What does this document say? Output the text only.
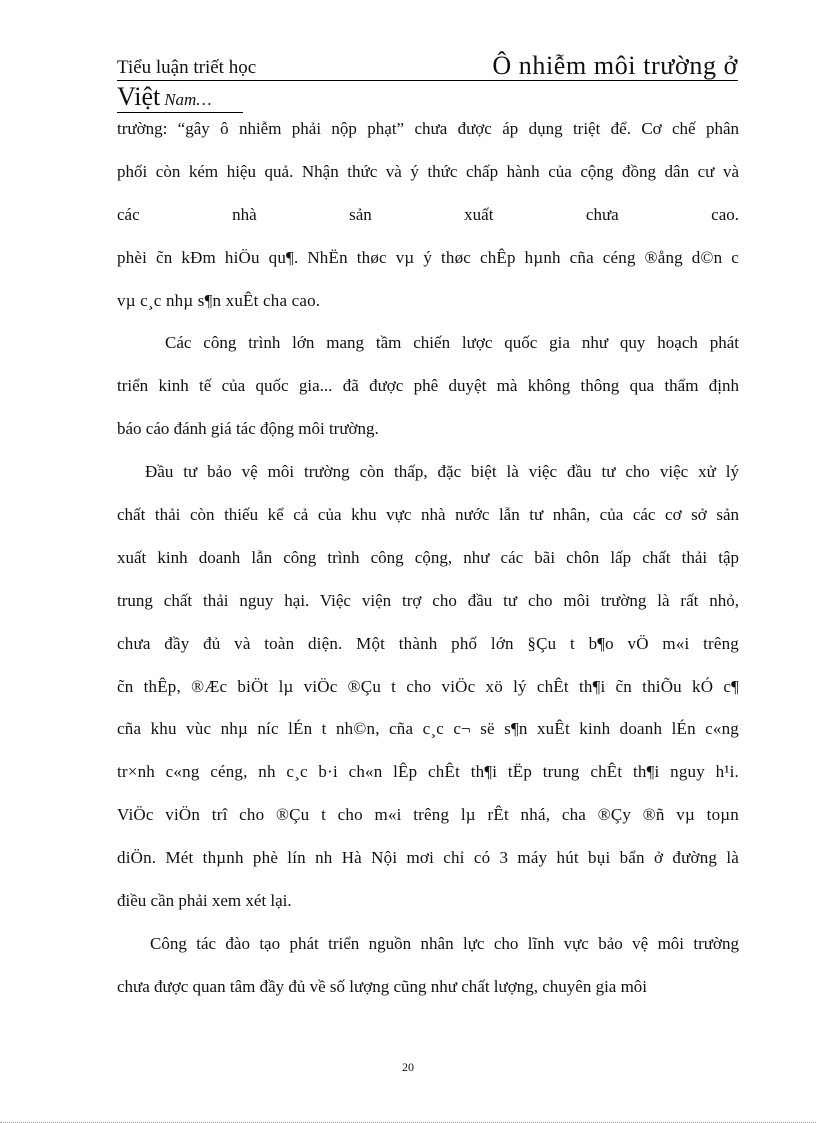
Tiểu luận triết học	Ô nhiễm môi trường ở
Việt Nam…
trường: “gây ô nhiễm phải nộp phạt” chưa được áp dụng triệt để. Cơ chế phân
phối còn kém hiệu quả. Nhận thức và ý thức chấp hành của cộng đồng dân cư và
các nhà sản xuất chưa cao.
phèi c̃n kÐm hiÖu qu¶. NhËn thøc vµ ý thøc chÊp hµnh cña céng ®ång d©n c
vµ c¸c nhµ s¶n xuÊt cha cao.
Các công trình lớn mang tầm chiến lược quốc gia như quy hoạch phát
triển kinh tế của quốc gia... đã được phê duyệt mà không thông qua thẩm định
báo cáo đánh giá tác động môi trường.
Đầu tư bảo vệ môi trường còn thấp, đặc biệt là việc đầu tư cho việc xử lý
chất thải còn thiếu kể cả của khu vực nhà nước lẫn tư nhân, của các cơ sở sản
xuất kinh doanh lẫn công trình công cộng, như các bãi chôn lấp chất thải tập
trung chất thải nguy hại. Việc viện trợ cho đầu tư cho môi trường là rất nhỏ,
chưa đầy đủ và toàn diện. Một thành phố lớn §Çu t b¶o vÖ m«i trêng
c̃n thÊp, ®Æc biÖt lµ viÖc ®Çu t cho viÖc xö lý chÊt th¶i c̃n thiÕu kÓ c¶
cña khu vùc nhµ níc lÉn t nh©n, cña c¸c c¬ së s¶n xuÊt kinh doanh lÉn c«ng
tr×nh c«ng céng, nh c¸c b·i ch«n lÊp chÊt th¶i tËp trung chÊt th¶i nguy h¹i.
ViÖc viÖn trî cho ®Çu t cho m«i trêng lµ rÊt nhá, cha ®Çy ®ñ vµ toµn
diÖn. Mét thµnh phè lín nh Hà Nội mơi chỉ có 3 máy hút bụi bẩn ở đường là
điều cần phải xem xét lại.
Công tác đào tạo phát triển nguồn nhân lực cho lĩnh vực bảo vệ môi trường
chưa được quan tâm đầy đủ về số lượng cũng như chất lượng, chuyên gia môi
20
